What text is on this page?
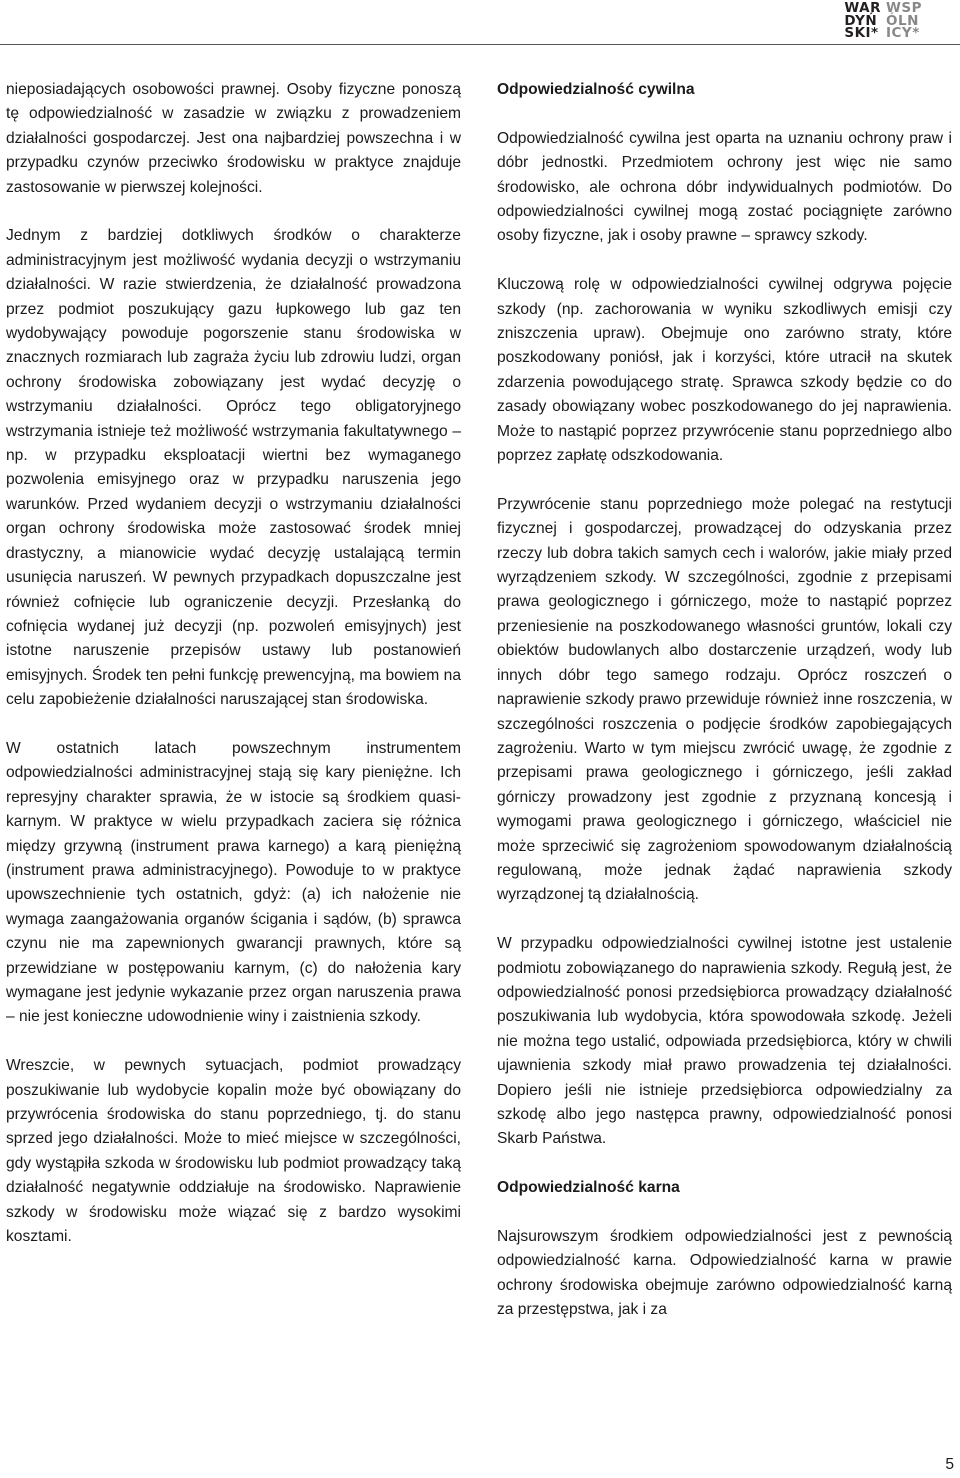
WAR
DYŃ
SKI*
WSP
ÓLN
ICY*

nieposiadających osobowości prawnej. Osoby fizyczne ponoszą tę odpowiedzialność w zasadzie w związku z prowadzeniem działalności gospodarczej. Jest ona najbardziej powszechna i w przypadku czynów przeciwko środowisku w praktyce znajduje zastosowanie w pierwszej kolejności.

Jednym z bardziej dotkliwych środków o charakterze administracyjnym jest możliwość wydania decyzji o wstrzymaniu działalności. W razie stwierdzenia, że działalność prowadzona przez podmiot poszukujący gazu łupkowego lub gaz ten wydobywający powoduje pogorszenie stanu środowiska w znacznych rozmiarach lub zagraża życiu lub zdrowiu ludzi, organ ochrony środowiska zobowiązany jest wydać decyzję o wstrzymaniu działalności. Oprócz tego obligatoryjnego wstrzymania istnieje też możliwość wstrzymania fakultatywnego – np. w przypadku eksploatacji wiertni bez wymaganego pozwolenia emisyjnego oraz w przypadku naruszenia jego warunków. Przed wydaniem decyzji o wstrzymaniu działalności organ ochrony środowiska może zastosować środek mniej drastyczny, a mianowicie wydać decyzję ustalającą termin usunięcia naruszeń. W pewnych przypadkach dopuszczalne jest również cofnięcie lub ograniczenie decyzji. Przesłanką do cofnięcia wydanej już decyzji (np. pozwoleń emisyjnych) jest istotne naruszenie przepisów ustawy lub postanowień emisyjnych. Środek ten pełni funkcję prewencyjną, ma bowiem na celu zapobieżenie działalności naruszającej stan środowiska.

W ostatnich latach powszechnym instrumentem odpowiedzialności administracyjnej stają się kary pieniężne. Ich represyjny charakter sprawia, że w istocie są środkiem quasi-karnym. W praktyce w wielu przypadkach zaciera się różnica między grzywną (instrument prawa karnego) a karą pieniężną (instrument prawa administracyjnego). Powoduje to w praktyce upowszechnienie tych ostatnich, gdyż: (a) ich nałożenie nie wymaga zaangażowania organów ścigania i sądów, (b) sprawca czynu nie ma zapewnionych gwarancji prawnych, które są przewidziane w postępowaniu karnym, (c) do nałożenia kary wymagane jest jedynie wykazanie przez organ naruszenia prawa – nie jest konieczne udowodnienie winy i zaistnienia szkody.

Wreszcie, w pewnych sytuacjach, podmiot prowadzący poszukiwanie lub wydobycie kopalin może być obowiązany do przywrócenia środowiska do stanu poprzedniego, tj. do stanu sprzed jego działalności. Może to mieć miejsce w szczególności, gdy wystąpiła szkoda w środowisku lub podmiot prowadzący taką działalność negatywnie oddziałuje na środowisko. Naprawienie szkody w środowisku może wiązać się z bardzo wysokimi kosztami.

Odpowiedzialność cywilna

Odpowiedzialność cywilna jest oparta na uznaniu ochrony praw i dóbr jednostki. Przedmiotem ochrony jest więc nie samo środowisko, ale ochrona dóbr indywidualnych podmiotów. Do odpowiedzialności cywilnej mogą zostać pociągnięte zarówno osoby fizyczne, jak i osoby prawne – sprawcy szkody.

Kluczową rolę w odpowiedzialności cywilnej odgrywa pojęcie szkody (np. zachorowania w wyniku szkodliwych emisji czy zniszczenia upraw). Obejmuje ono zarówno straty, które poszkodowany poniósł, jak i korzyści, które utracił na skutek zdarzenia powodującego stratę. Sprawca szkody będzie co do zasady obowiązany wobec poszkodowanego do jej naprawienia. Może to nastąpić poprzez przywrócenie stanu poprzedniego albo poprzez zapłatę odszkodowania.

Przywrócenie stanu poprzedniego może polegać na restytucji fizycznej i gospodarczej, prowadzącej do odzyskania przez rzeczy lub dobra takich samych cech i walorów, jakie miały przed wyrządzeniem szkody. W szczególności, zgodnie z przepisami prawa geologicznego i górniczego, może to nastąpić poprzez przeniesienie na poszkodowanego własności gruntów, lokali czy obiektów budowlanych albo dostarczenie urządzeń, wody lub innych dóbr tego samego rodzaju. Oprócz roszczeń o naprawienie szkody prawo przewiduje również inne roszczenia, w szczególności roszczenia o podjęcie środków zapobiegających zagrożeniu. Warto w tym miejscu zwrócić uwagę, że zgodnie z przepisami prawa geologicznego i górniczego, jeśli zakład górniczy prowadzony jest zgodnie z przyznaną koncesją i wymogami prawa geologicznego i górniczego, właściciel nie może sprzeciwić się zagrożeniom spowodowanym działalnością regulowaną, może jednak żądać naprawienia szkody wyrządzonej tą działalnością.

W przypadku odpowiedzialności cywilnej istotne jest ustalenie podmiotu zobowiązanego do naprawienia szkody. Regułą jest, że odpowiedzialność ponosi przedsiębiorca prowadzący działalność poszukiwania lub wydobycia, która spowodowała szkodę. Jeżeli nie można tego ustalić, odpowiada przedsiębiorca, który w chwili ujawnienia szkody miał prawo prowadzenia tej działalności. Dopiero jeśli nie istnieje przedsiębiorca odpowiedzialny za szkodę albo jego następca prawny, odpowiedzialność ponosi Skarb Państwa.

Odpowiedzialność karna

Najsurowszym środkiem odpowiedzialności jest z pewnością odpowiedzialność karna. Odpowiedzialność karna w prawie ochrony środowiska obejmuje zarówno odpowiedzialność karną za przestępstwa, jak i za

5
